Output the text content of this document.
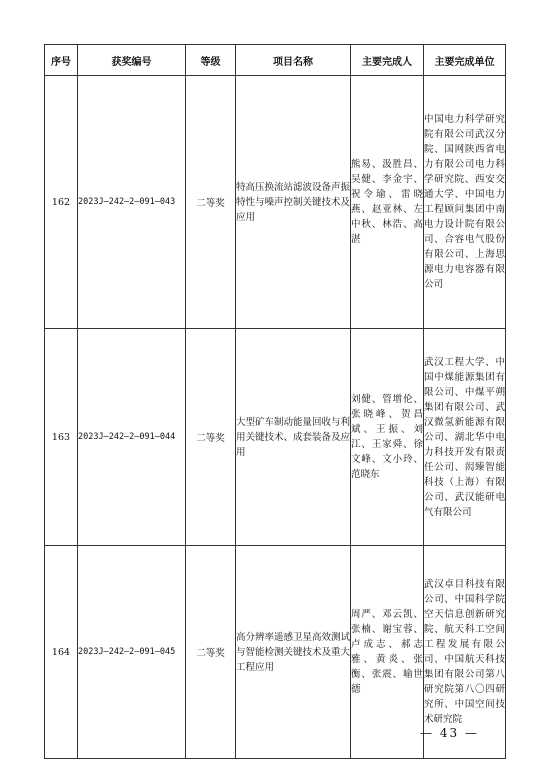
序号	获奖编号	等级	项目名称	主要完成人	主要完成单位
162	2023J—242—2—091—043	二等奖	特高压换流站滤波设备声振特性与噪声控制关键技术及应用	熊易、汲胜昌、吴健、李金宇、祝令瑜、雷晓燕、赵亚林、左中秋、林浩、高湛	中国电力科学研究院有限公司武汉分院、国网陕西省电力有限公司电力科学研究院、西安交通大学、中国电力工程顾问集团中南电力设计院有限公司、合容电气股份有限公司、上海思源电力电容器有限公司
163	2023J—242—2—091—044	二等奖	大型矿车制动能量回收与利用关键技术、成套装备及应用	刘健、管增伦、张晓峰、贺昌斌、王振、刘江、王家舜、徐文峰、文小玲、范晓东	武汉工程大学、中国中煤能源集团有限公司、中煤平朔集团有限公司、武汉微氢新能源有限公司、湖北华中电力科技开发有限责任公司、闳臻智能科技（上海）有限公司、武汉能研电气有限公司
164	2023J—242—2—091—045	二等奖	高分辨率遥感卫星高效测试与智能检测关键技术及重大工程应用	周严、邓云凯、张楠、谢宝蓉、卢成志、郝志雅、黄炎、张衡、张震、喻世德	武汉卓目科技有限公司、中国科学院空天信息创新研究院、航天科工空间工程发展有限公司、中国航天科技集团有限公司第八研究院第八〇四研究所、中国空间技术研究院
— 43 —
